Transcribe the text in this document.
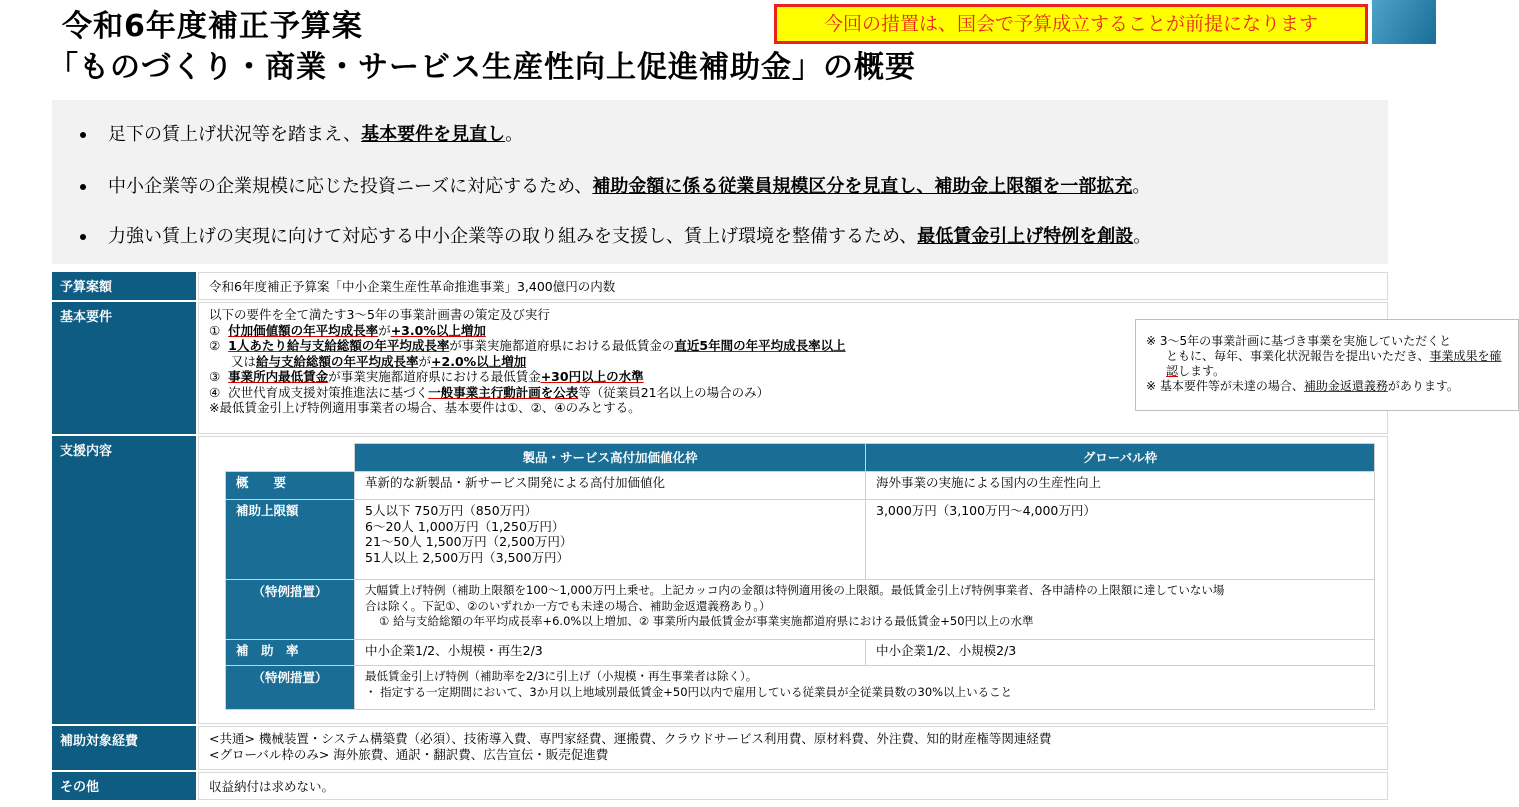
令和6年度補正予算案
「ものづくり・商業・サービス生産性向上促進補助金」の概要
今回の措置は、国会で予算成立することが前提になります
足下の賃上げ状況等を踏まえ、基本要件を見直し。
中小企業等の企業規模に応じた投資ニーズに対応するため、補助金額に係る従業員規模区分を見直し、補助金上限額を一部拡充。
力強い賃上げの実現に向けて対応する中小企業等の取り組みを支援し、賃上げ環境を整備するため、最低賃金引上げ特例を創設。
予算案額	令和6年度補正予算案「中小企業生産性革命推進事業」3,400億円の内数
基本要件	以下の要件を全て満たす3～5年の事業計画書の策定及び実行
① 付加価値額の年平均成長率が+3.0%以上増加
② 1人あたり給与支給総額の年平均成長率が事業実施都道府県における最低賃金の直近5年間の年平均成長率以上
又は給与支給総額の年平均成長率が+2.0%以上増加
③ 事業所内最低賃金が事業実施都道府県における最低賃金+30円以上の水準
④ 次世代育成支援対策推進法に基づく一般事業主行動計画を公表等（従業員21名以上の場合のみ）
※最低賃金引上げ特例適用事業者の場合、基本要件は①、②、④のみとする。
※ 3～5年の事業計画に基づき事業を実施していただくと
ともに、毎年、事業化状況報告を提出いただき、事業成果を確認します。
※ 基本要件等が未達の場合、補助金返還義務があります。
支援内容
		製品・サービス高付加価値化枠	グローバル枠
概　　要	革新的な新製品・新サービス開発による高付加価値化	海外事業の実施による国内の生産性向上
補助上限額	5人以下 750万円（850万円）
6～20人 1,000万円（1,250万円）
21～50人 1,500万円（2,500万円）
51人以上 2,500万円（3,500万円）	3,000万円（3,100万円～4,000万円）
（特例措置）	大幅賃上げ特例（補助上限額を100～1,000万円上乗せ。上記カッコ内の金額は特例適用後の上限額。最低賃金引上げ特例事業者、各申請枠の上限額に達していない場
合は除く。下記①、②のいずれか一方でも未達の場合、補助金返還義務あり。）
① 給与支給総額の年平均成長率+6.0%以上増加、② 事業所内最低賃金が事業実施都道府県における最低賃金+50円以上の水準	

補　助　率	中小企業1/2、小規模・再生2/3	中小企業1/2、小規模2/3
（特例措置）	最低賃金引上げ特例（補助率を2/3に引上げ（小規模・再生事業者は除く）。
・ 指定する一定期間において、3か月以上地域別最低賃金+50円以内で雇用している従業員が全従業員数の30%以上いること	
補助対象経費	<共通> 機械装置・システム構築費（必須）、技術導入費、専門家経費、運搬費、クラウドサービス利用費、原材料費、外注費、知的財産権等関連経費
<グローバル枠のみ> 海外旅費、通訳・翻訳費、広告宣伝・販売促進費
その他	収益納付は求めない。
